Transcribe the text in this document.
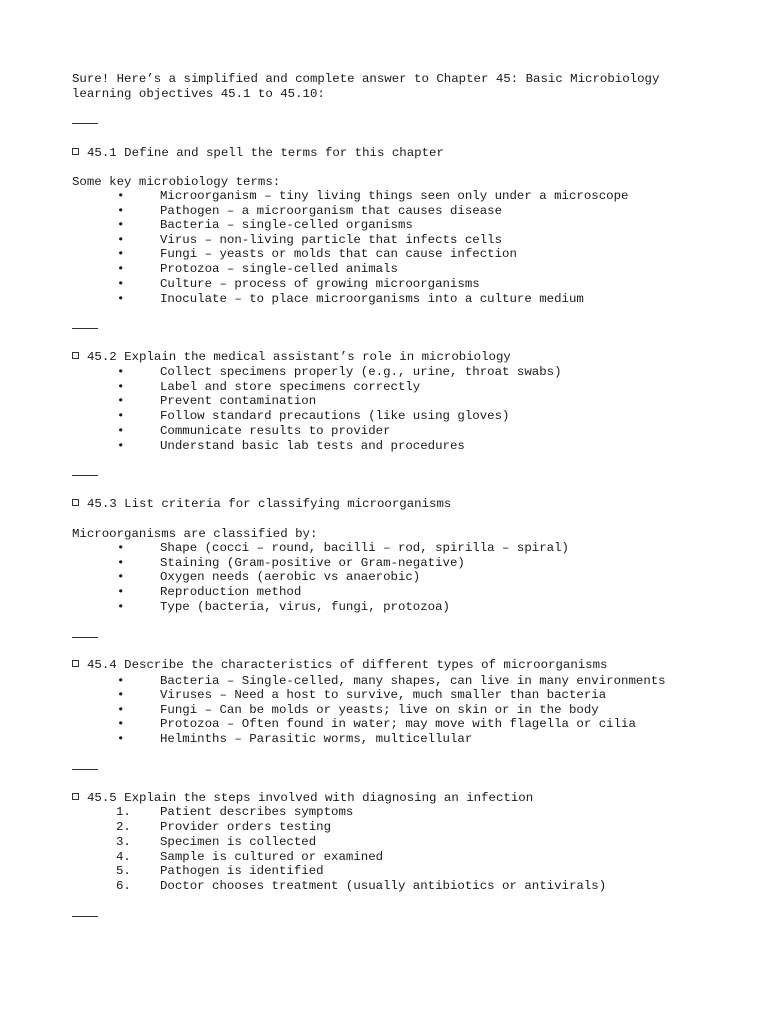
Sure! Here’s a simplified and complete answer to Chapter 45: Basic Microbiology
learning objectives 45.1 to 45.10:
45.1 Define and spell the terms for this chapter
Some key microbiology terms:
•	Microorganism – tiny living things seen only under a microscope
•	Pathogen – a microorganism that causes disease
•	Bacteria – single-celled organisms
•	Virus – non-living particle that infects cells
•	Fungi – yeasts or molds that can cause infection
•	Protozoa – single-celled animals
•	Culture – process of growing microorganisms
•	Inoculate – to place microorganisms into a culture medium
45.2 Explain the medical assistant’s role in microbiology
•	Collect specimens properly (e.g., urine, throat swabs)
•	Label and store specimens correctly
•	Prevent contamination
•	Follow standard precautions (like using gloves)
•	Communicate results to provider
•	Understand basic lab tests and procedures
45.3 List criteria for classifying microorganisms
Microorganisms are classified by:
•	Shape (cocci – round, bacilli – rod, spirilla – spiral)
•	Staining (Gram-positive or Gram-negative)
•	Oxygen needs (aerobic vs anaerobic)
•	Reproduction method
•	Type (bacteria, virus, fungi, protozoa)
45.4 Describe the characteristics of different types of microorganisms
•	Bacteria – Single-celled, many shapes, can live in many environments
•	Viruses – Need a host to survive, much smaller than bacteria
•	Fungi – Can be molds or yeasts; live on skin or in the body
•	Protozoa – Often found in water; may move with flagella or cilia
•	Helminths – Parasitic worms, multicellular
45.5 Explain the steps involved with diagnosing an infection
1. Patient describes symptoms
2. Provider orders testing
3. Specimen is collected
4. Sample is cultured or examined
5. Pathogen is identified
6. Doctor chooses treatment (usually antibiotics or antivirals)
